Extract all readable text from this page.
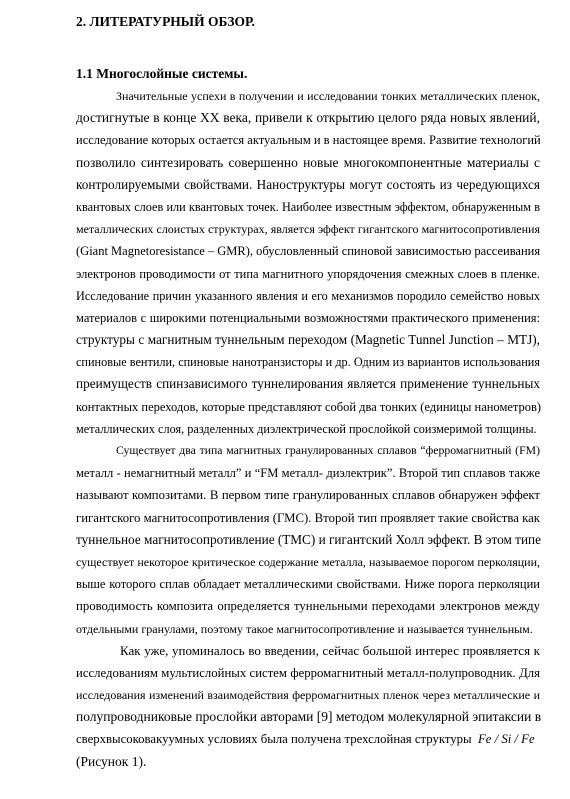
2. ЛИТЕРАТУРНЫЙ ОБЗОР.
1.1 Многослойные системы.
Значительные успехи в получении и исследовании тонких металлических пленок,
достигнутые в конце XX века, привели к открытию целого ряда новых явлений,
исследование которых остается актуальным и в настоящее время. Развитие технологий
позволило синтезировать совершенно новые многокомпонентные материалы с
контролируемыми свойствами. Наноструктуры могут состоять из чередующихся
квантовых слоев или квантовых точек. Наиболее известным эффектом, обнаруженным в
металлических слоистых структурах, является эффект гигантского магнитосопротивления
(Giant Magnetoresistance – GMR), обусловленный спиновой зависимостью рассеивания
электронов проводимости от типа магнитного упорядочения смежных слоев в пленке.
Исследование причин указанного явления и его механизмов породило семейство новых
материалов с широкими потенциальными возможностями практического применения:
структуры с магнитным туннельным переходом (Magnetic Tunnel Junction – MTJ),
спиновые вентили, спиновые нанотранзисторы и др. Одним из вариантов использования
преимуществ спинзависимого туннелирования является применение туннельных
контактных переходов, которые представляют собой два тонких (единицы нанометров)
металлических слоя, разделенных диэлектрической прослойкой соизмеримой толщины.
Существует два типа магнитных гранулированных сплавов “ферромагнитный (FM)
металл - немагнитный металл” и “FM металл- диэлектрик”. Второй тип сплавов также
называют композитами. В первом типе гранулированных сплавов обнаружен эффект
гигантского магнитосопротивления (ГМС). Второй тип проявляет такие свойства как
туннельное магнитосопротивление (ТМС) и гигантский Холл эффект. В этом типе
существует некоторое критическое содержание металла, называемое порогом перколяции,
выше которого сплав обладает металлическими свойствами. Ниже порога перколяции
проводимость композита определяется туннельными переходами электронов между
отдельными гранулами, поэтому такое магнитосопротивление и называется туннельным.
Как уже, упоминалось во введении, сейчас большой интерес проявляется к
исследованиям мультислойных систем ферромагнитный металл-полупроводник. Для
исследования изменений взаимодействия ферромагнитных пленок через металлические и
полупроводниковые прослойки авторами [9] методом молекулярной эпитаксии в
сверхвысоковакуумных условиях была получена трехслойная структуры Fe / Si / Fe
(Рисунок 1).
